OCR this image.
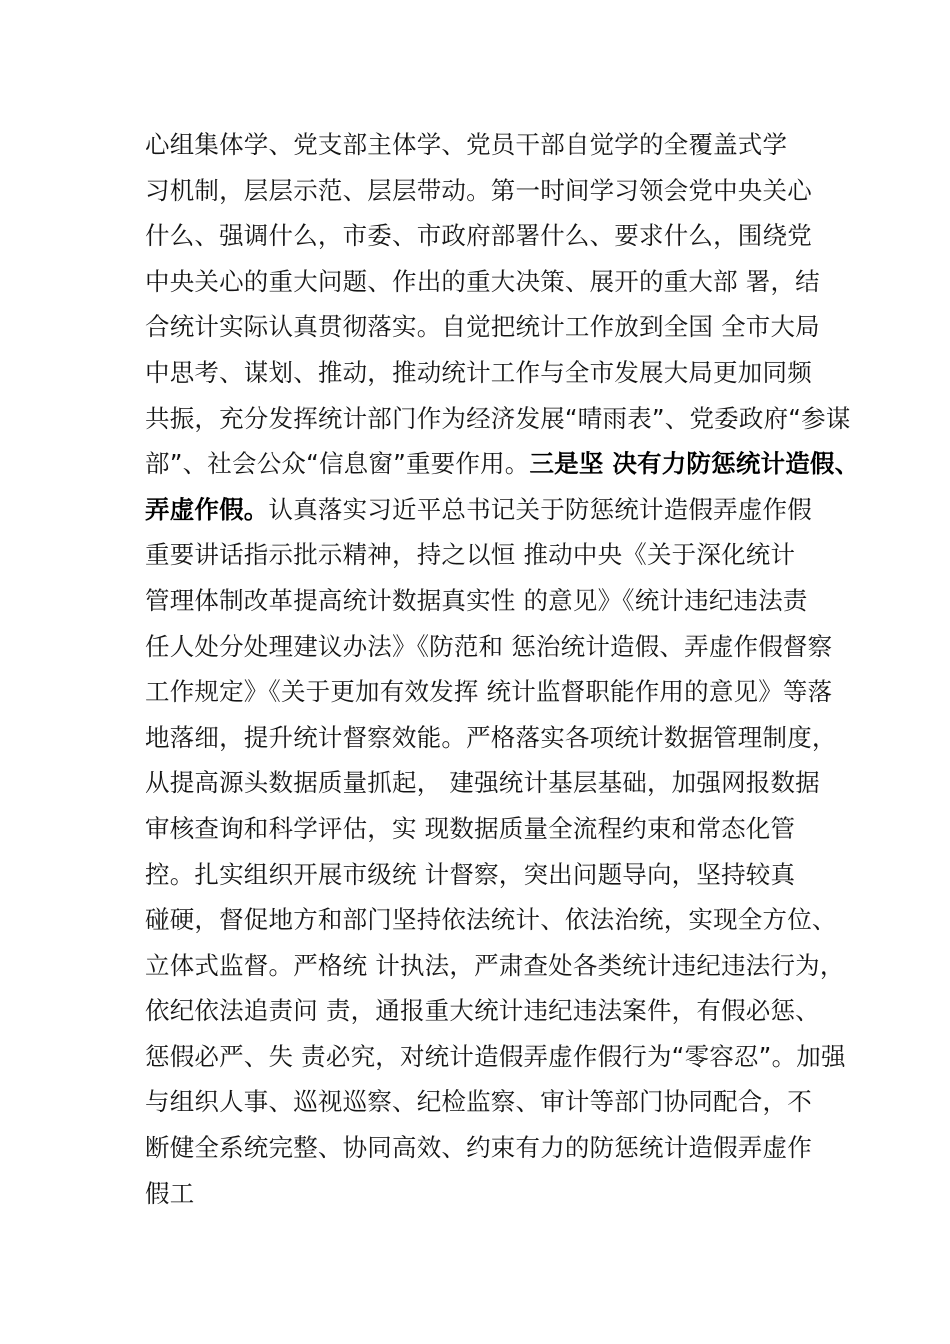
心组集体学、党支部主体学、党员干部自觉学的全覆盖式学
习机制，层层示范、层层带动。第一时间学习领会党中央关心
什么、强调什么，市委、市政府部署什么、要求什么，围绕党
中央关心的重大问题、作出的重大决策、展开的重大部 署，结
合统计实际认真贯彻落实。自觉把统计工作放到全国 全市大局
中思考、谋划、推动，推动统计工作与全市发展大局更加同频
共振，充分发挥统计部门作为经济发展“晴雨表”、党委政府“参谋
部”、社会公众“信息窗”重要作用。三是坚 决有力防惩统计造假、
弄虚作假。认真落实习近平总书记关于防惩统计造假弄虚作假
重要讲话指示批示精神，持之以恒 推动中央《关于深化统计
管理体制改革提高统计数据真实性 的意见》《统计违纪违法责
任人处分处理建议办法》《防范和 惩治统计造假、弄虚作假督察
工作规定》《关于更加有效发挥 统计监督职能作用的意见》等落
地落细，提升统计督察效能。严格落实各项统计数据管理制度，
从提高源头数据质量抓起， 建强统计基层基础，加强网报数据
审核查询和科学评估，实 现数据质量全流程约束和常态化管
控。扎实组织开展市级统 计督察，突出问题导向，坚持较真
碰硬，督促地方和部门坚持依法统计、依法治统，实现全方位、
立体式监督。严格统 计执法，严肃查处各类统计违纪违法行为，
依纪依法追责问 责，通报重大统计违纪违法案件，有假必惩、
惩假必严、失 责必究，对统计造假弄虚作假行为“零容忍”。加强
与组织人事、巡视巡察、纪检监察、审计等部门协同配合，不
断健全系统完整、协同高效、约束有力的防惩统计造假弄虚作
假工
